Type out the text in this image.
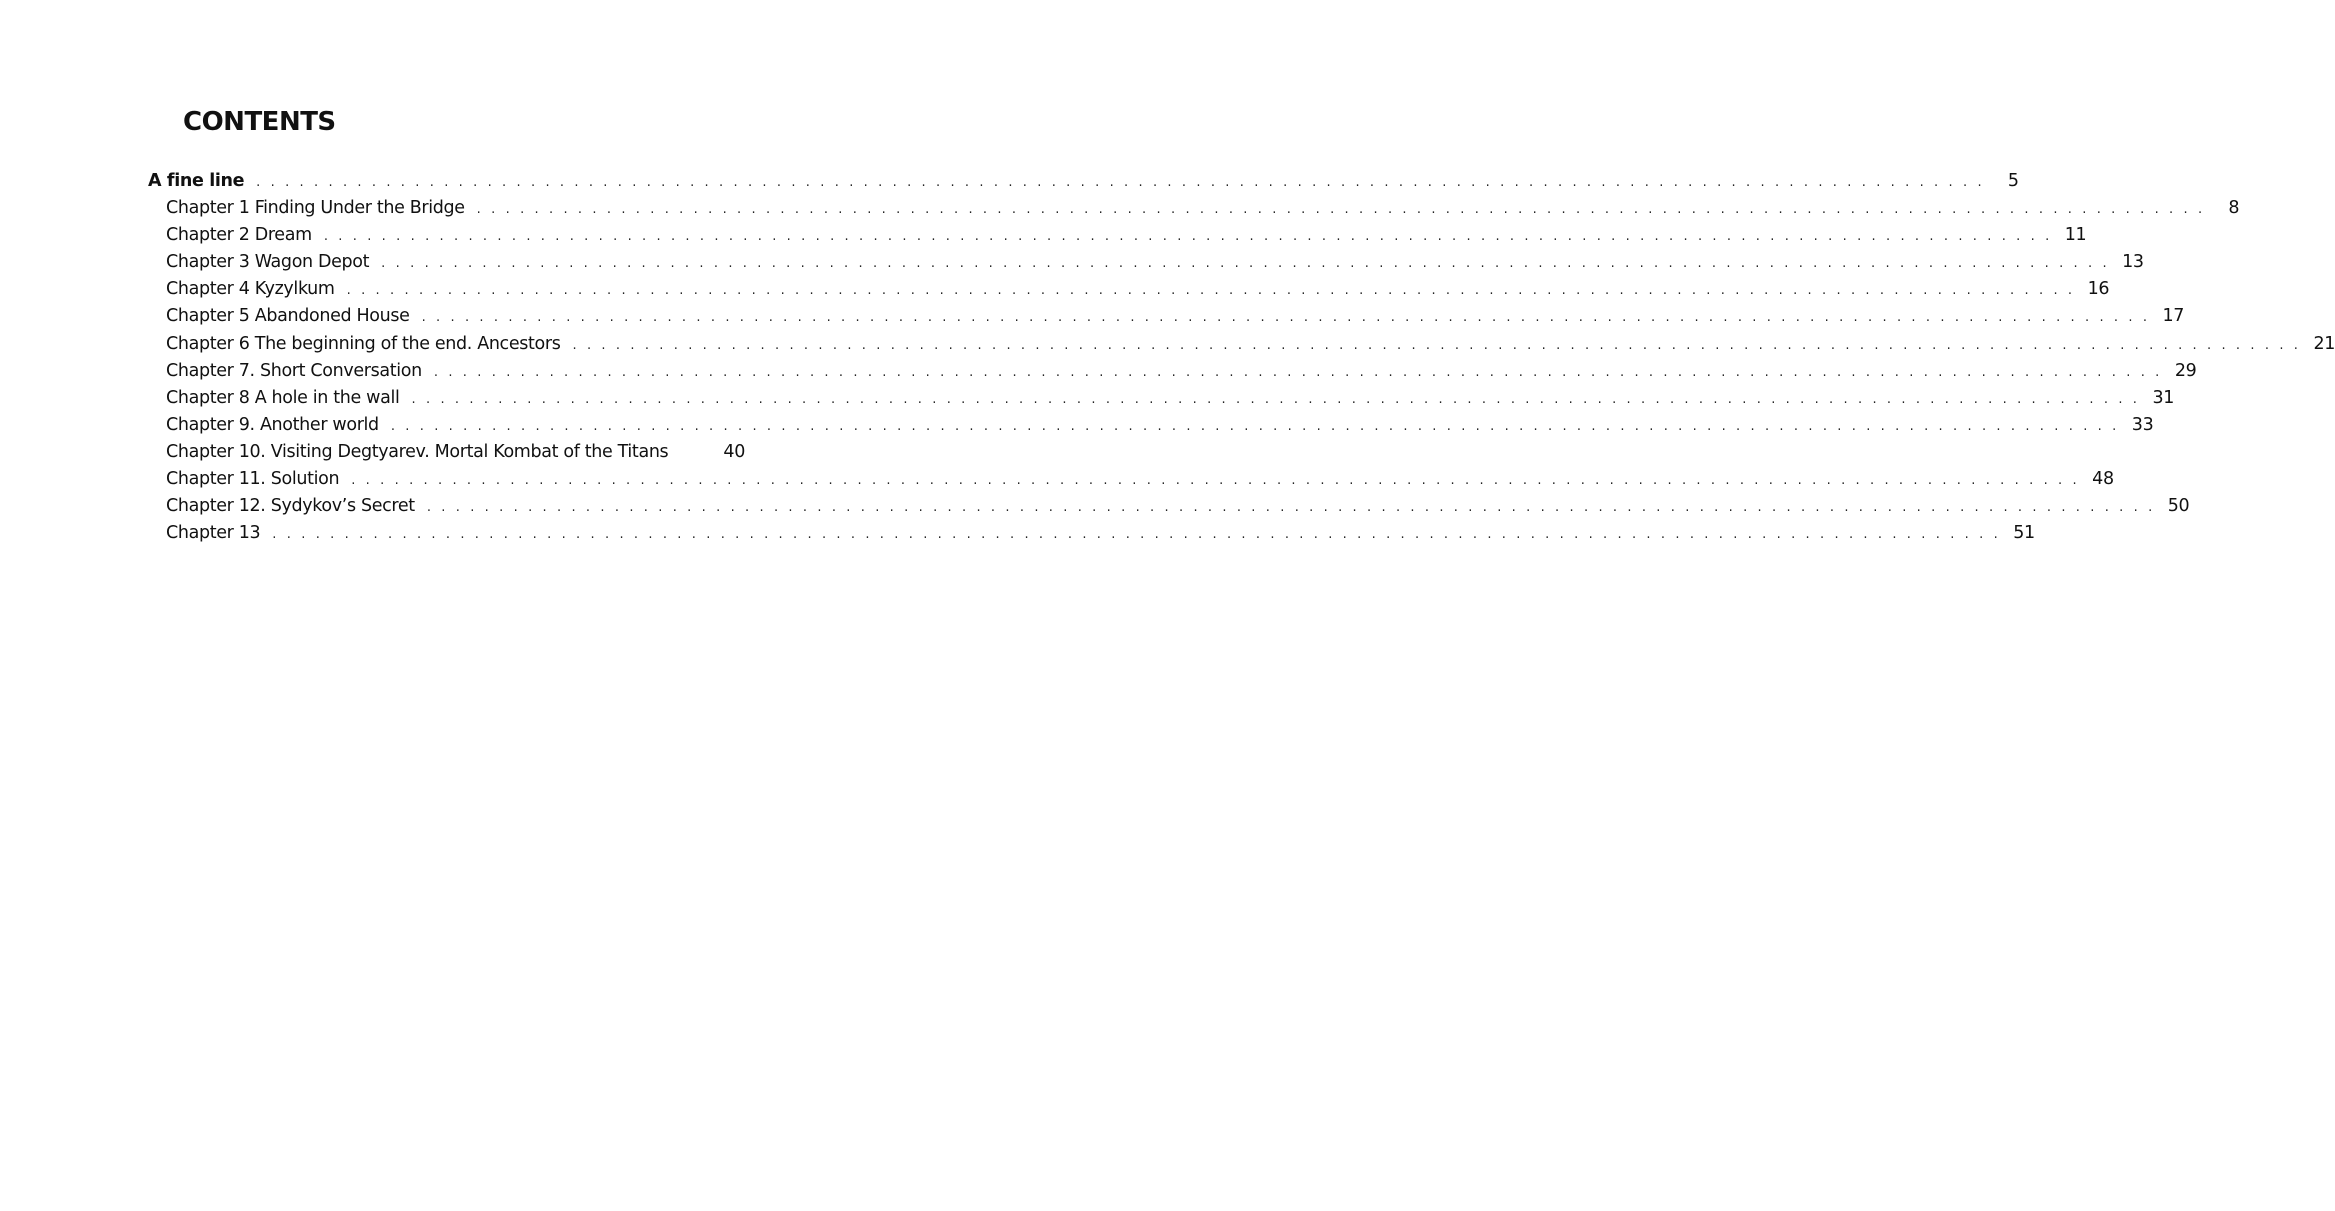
CONTENTS
A fine line . . . . . . . . . . . . . . . . . . . . . . . . . . . . . . . . . . . . . . . . . . . . . . . . . . . . . . . . . . . . . . . . . . . . . . . . . . . . . . . . . . . . . . . . . . . . . . . . . . . . . . . . . . . . . . . . . . . . . . . .	5
Chapter 1 Finding Under the Bridge . . . . . . . . . . . . . . . . . . . . . . . . . . . . . . . . . . . . . . . . . . . . . . . . . . . . . . . . . . . . . . . . . . . . . . . . . . . . . . . . . . . . . . . . . . . . . . . . . . . . . . . . . . . . . . . . . . . . . . . .	8
Chapter 2 Dream . . . . . . . . . . . . . . . . . . . . . . . . . . . . . . . . . . . . . . . . . . . . . . . . . . . . . . . . . . . . . . . . . . . . . . . . . . . . . . . . . . . . . . . . . . . . . . . . . . . . . . . . . . . . . . . . . . . . . . . . 11
Chapter 3 Wagon Depot . . . . . . . . . . . . . . . . . . . . . . . . . . . . . . . . . . . . . . . . . . . . . . . . . . . . . . . . . . . . . . . . . . . . . . . . . . . . . . . . . . . . . . . . . . . . . . . . . . . . . . . . . . . . . . . . . . . . . . . . 13
Chapter 4 Kyzylkum . . . . . . . . . . . . . . . . . . . . . . . . . . . . . . . . . . . . . . . . . . . . . . . . . . . . . . . . . . . . . . . . . . . . . . . . . . . . . . . . . . . . . . . . . . . . . . . . . . . . . . . . . . . . . . . . . . . . . . . . 16
Chapter 5 Abandoned House . . . . . . . . . . . . . . . . . . . . . . . . . . . . . . . . . . . . . . . . . . . . . . . . . . . . . . . . . . . . . . . . . . . . . . . . . . . . . . . . . . . . . . . . . . . . . . . . . . . . . . . . . . . . . . . . . . . . . . . . 17
Chapter 6 The beginning of the end. Ancestors . . . . . . . . . . . . . . . . . . . . . . . . . . . . . . . . . . . . . . . . . . . . . . . . . . . . . . . . . . . . . . . . . . . . . . . . . . . . . . . . . . . . . . . . . . . . . . . . . . . . . . . . . . . . . . . . . . . . . . . . 21
Chapter 7. Short Conversation . . . . . . . . . . . . . . . . . . . . . . . . . . . . . . . . . . . . . . . . . . . . . . . . . . . . . . . . . . . . . . . . . . . . . . . . . . . . . . . . . . . . . . . . . . . . . . . . . . . . . . . . . . . . . . . . . . . . . . . . 29
Chapter 8 A hole in the wall . . . . . . . . . . . . . . . . . . . . . . . . . . . . . . . . . . . . . . . . . . . . . . . . . . . . . . . . . . . . . . . . . . . . . . . . . . . . . . . . . . . . . . . . . . . . . . . . . . . . . . . . . . . . . . . . . . . . . . . . 31
Chapter 9. Another world . . . . . . . . . . . . . . . . . . . . . . . . . . . . . . . . . . . . . . . . . . . . . . . . . . . . . . . . . . . . . . . . . . . . . . . . . . . . . . . . . . . . . . . . . . . . . . . . . . . . . . . . . . . . . . . . . . . . . . . . 33
Chapter 10. Visiting Degtyarev. Mortal Kombat of the Titans	40
Chapter 11. Solution . . . . . . . . . . . . . . . . . . . . . . . . . . . . . . . . . . . . . . . . . . . . . . . . . . . . . . . . . . . . . . . . . . . . . . . . . . . . . . . . . . . . . . . . . . . . . . . . . . . . . . . . . . . . . . . . . . . . . . . . 48
Chapter 12. Sydykov’s Secret . . . . . . . . . . . . . . . . . . . . . . . . . . . . . . . . . . . . . . . . . . . . . . . . . . . . . . . . . . . . . . . . . . . . . . . . . . . . . . . . . . . . . . . . . . . . . . . . . . . . . . . . . . . . . . . . . . . . . . . . 50
Chapter 13 . . . . . . . . . . . . . . . . . . . . . . . . . . . . . . . . . . . . . . . . . . . . . . . . . . . . . . . . . . . . . . . . . . . . . . . . . . . . . . . . . . . . . . . . . . . . . . . . . . . . . . . . . . . . . . . . . . . . . . . . 51
